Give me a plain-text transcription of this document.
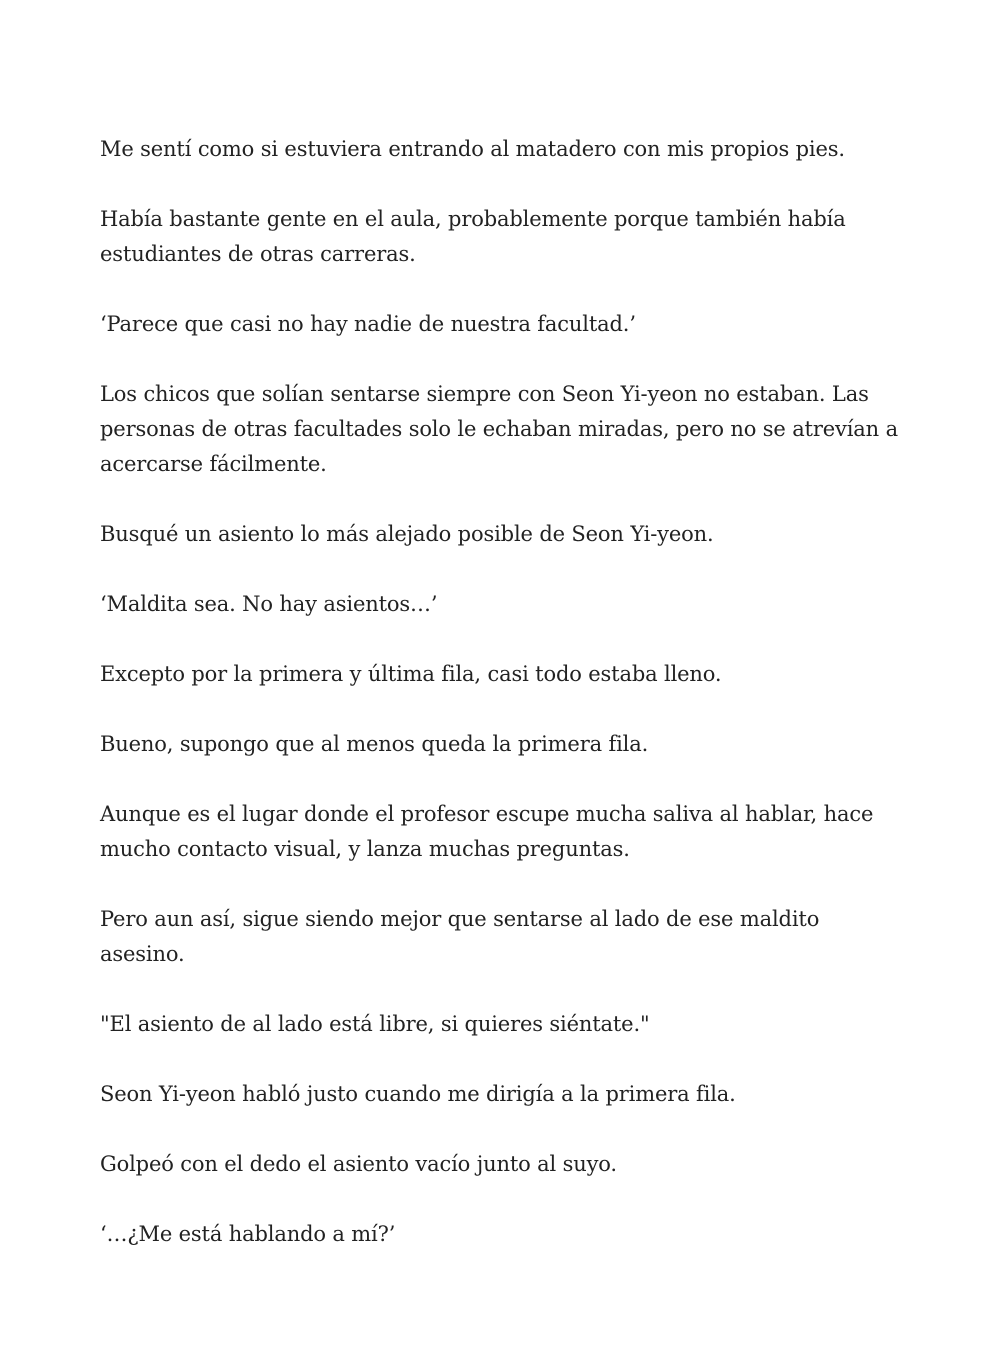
Me sentí como si estuviera entrando al matadero con mis propios pies.

Había bastante gente en el aula, probablemente porque también había estudiantes de otras carreras.

‘Parece que casi no hay nadie de nuestra facultad.’

Los chicos que solían sentarse siempre con Seon Yi-yeon no estaban. Las personas de otras facultades solo le echaban miradas, pero no se atrevían a acercarse fácilmente.

Busqué un asiento lo más alejado posible de Seon Yi-yeon.

‘Maldita sea. No hay asientos…’

Excepto por la primera y última fila, casi todo estaba lleno.

Bueno, supongo que al menos queda la primera fila.

Aunque es el lugar donde el profesor escupe mucha saliva al hablar, hace mucho contacto visual, y lanza muchas preguntas.

Pero aun así, sigue siendo mejor que sentarse al lado de ese maldito asesino.

"El asiento de al lado está libre, si quieres siéntate."

Seon Yi-yeon habló justo cuando me dirigía a la primera fila.

Golpeó con el dedo el asiento vacío junto al suyo.

‘…¿Me está hablando a mí?’
